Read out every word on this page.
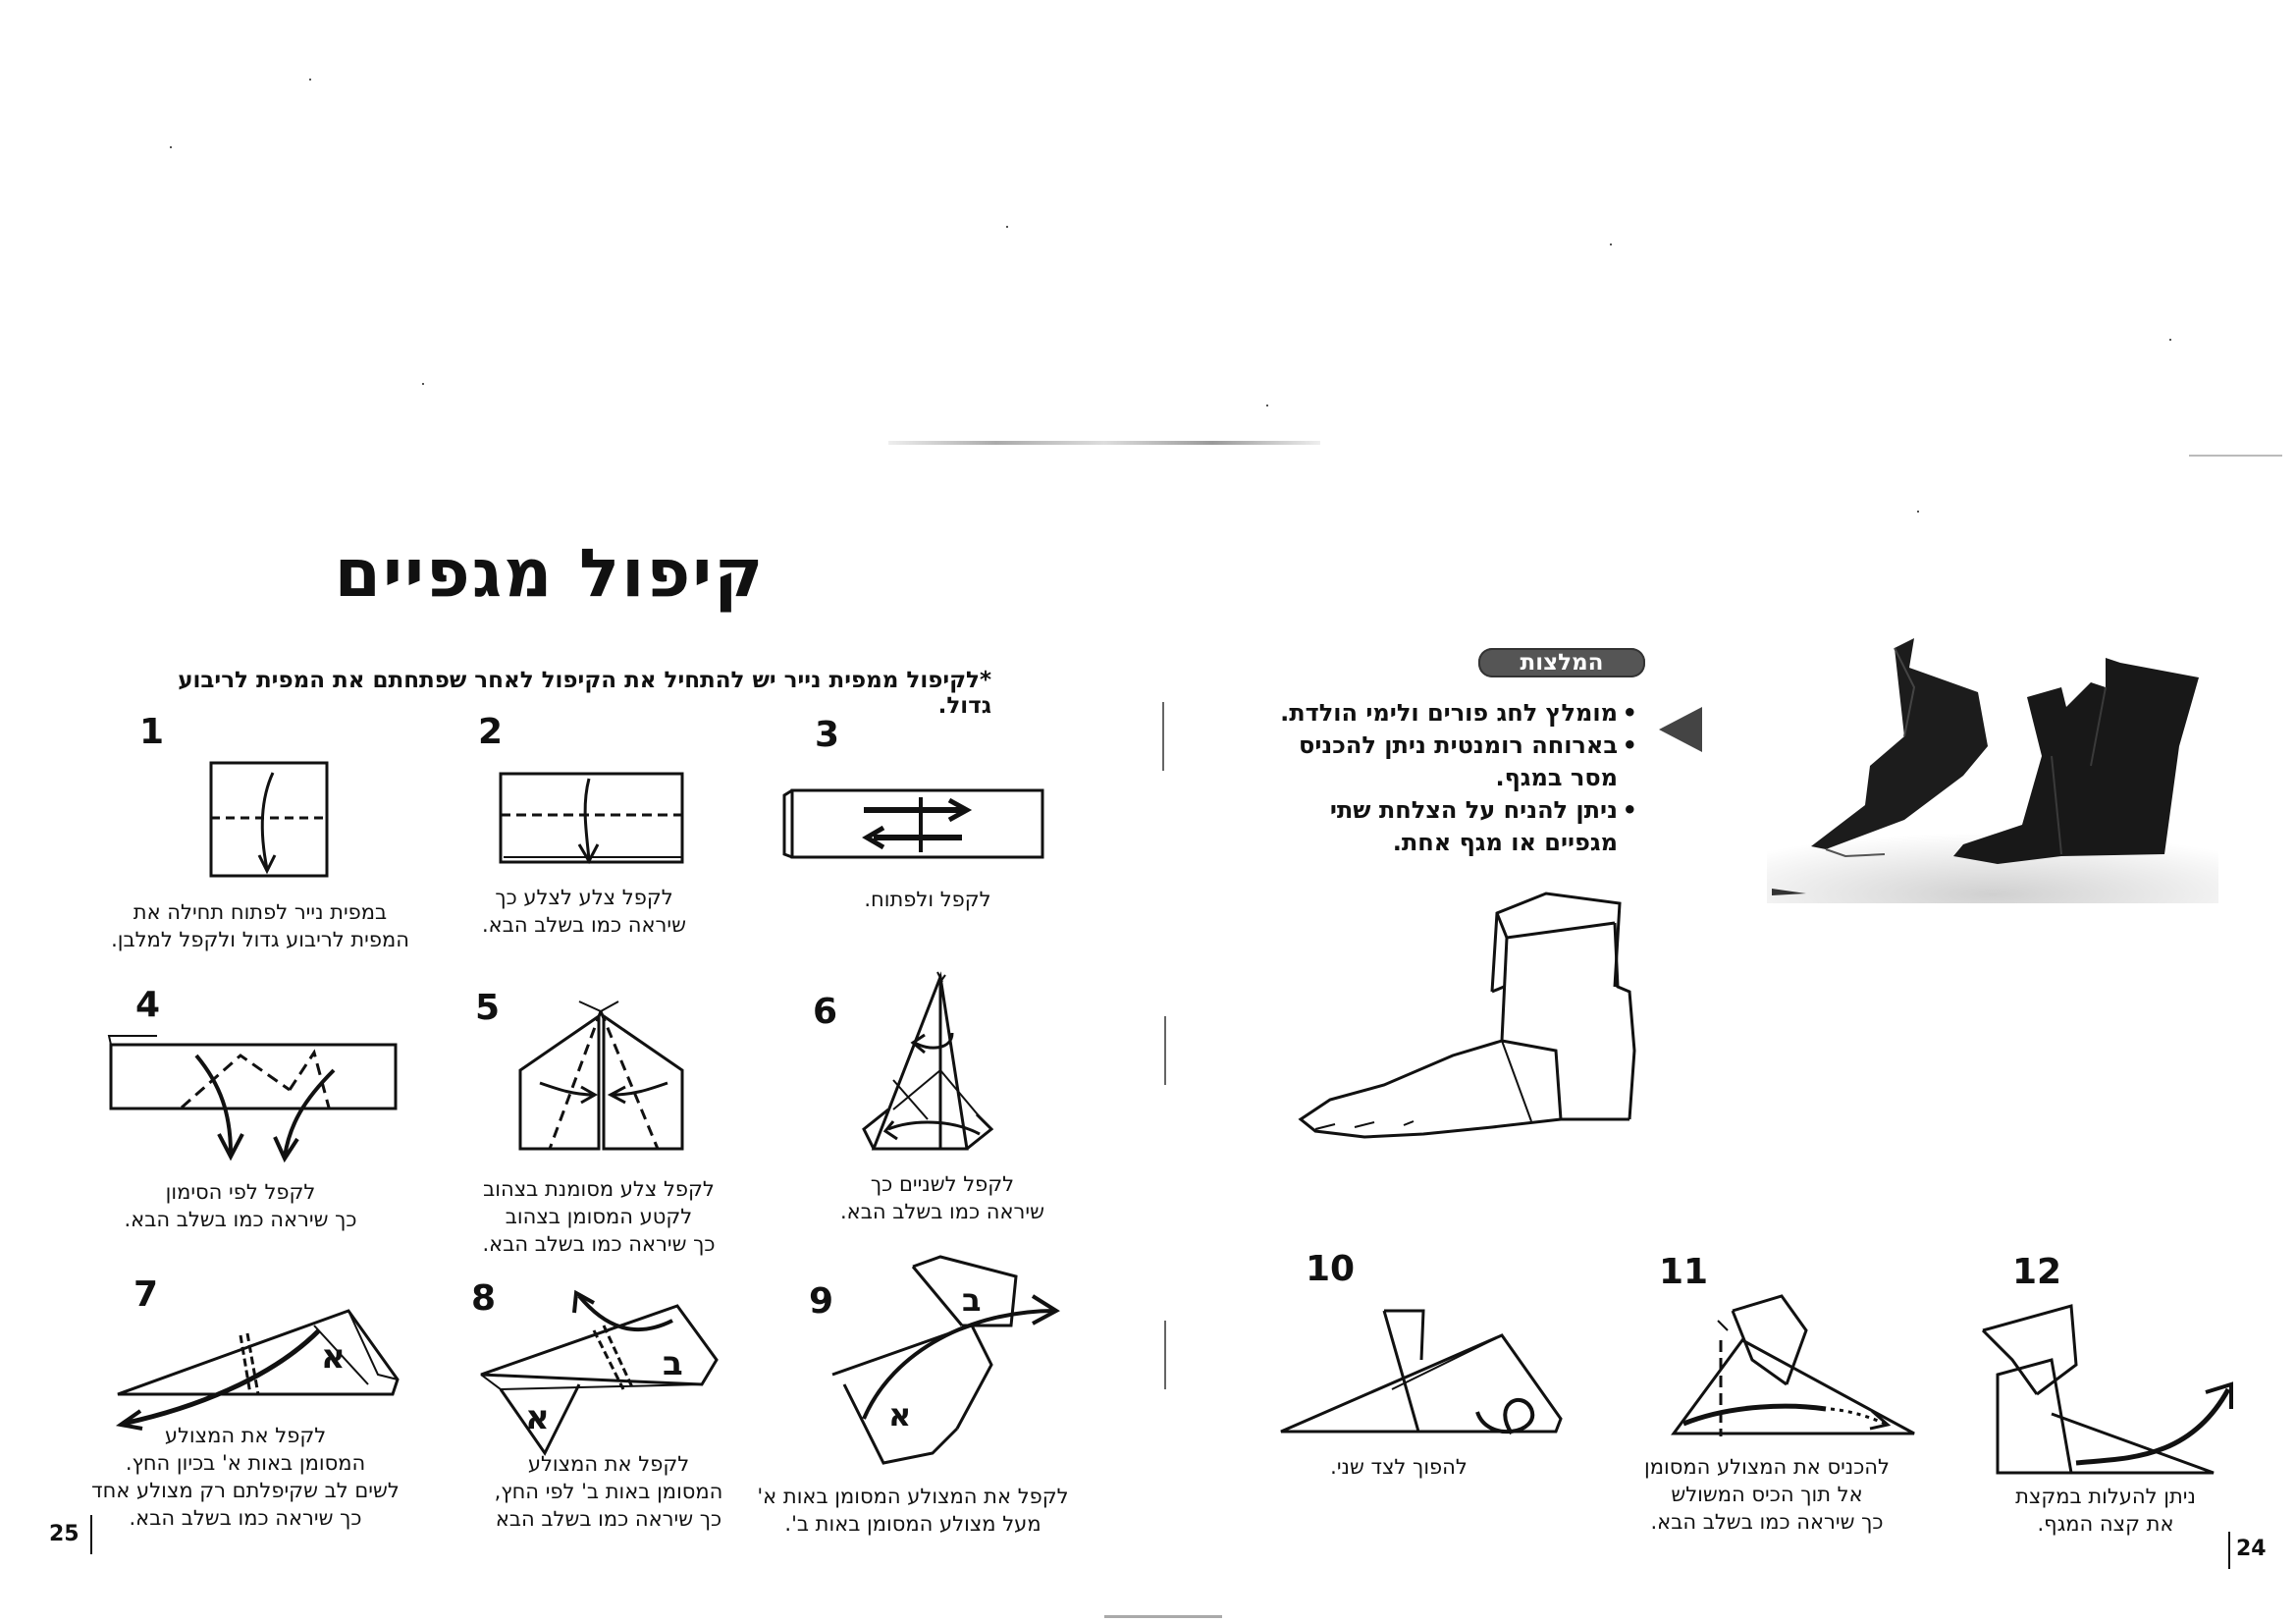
קיפול מגפיים
*לקיפול ממפית נייר יש להתחיל את הקיפול לאחר שפתחתם את המפית לריבוע גדול.
1	2	3
4	5	6
7	8	9
10	11	12
א
א
ב
א
ב
במפית נייר לפתוח תחילה את
המפית לריבוע גדול ולקפל למלבן.
לקפל צלע לצלע כך
שיראה כמו בשלב הבא.
לקפל ולפתוח.
לקפל לפי הסימון
כך שיראה כמו בשלב הבא.
לקפל צלע מסומנת בצהוב
לקטע המסומן בצהוב
כך שיראה כמו בשלב הבא.
לקפל לשניים כך
שיראה כמו בשלב הבא.
לקפל את המצולע
המסומן באות א' בכיון החץ.
לשים לב שקיפלתם רק מצולע אחד
כך שיראה כמו בשלב הבא.
לקפל את המצולע
המסומן באות ב' לפי החץ,
כך שיראה כמו בשלב הבא
לקפל את המצולע המסומן באות א'
מעל מצולע המסומן באות ב'.
להפוך לצד שני.	להכניס את המצולע המסומן
אל תוך הכיס המשולש
כך שיראה כמו בשלב הבא.
ניתן להעלות במקצת
את קצה המגף.
המלצות
• מומלץ לחג פורים ולימי הולדת.
• בארוחה רומנטית ניתן להכניס מסר במגף.
• ניתן להניח על הצלחת שתי מגפיים או מגף אחת.
25
24
